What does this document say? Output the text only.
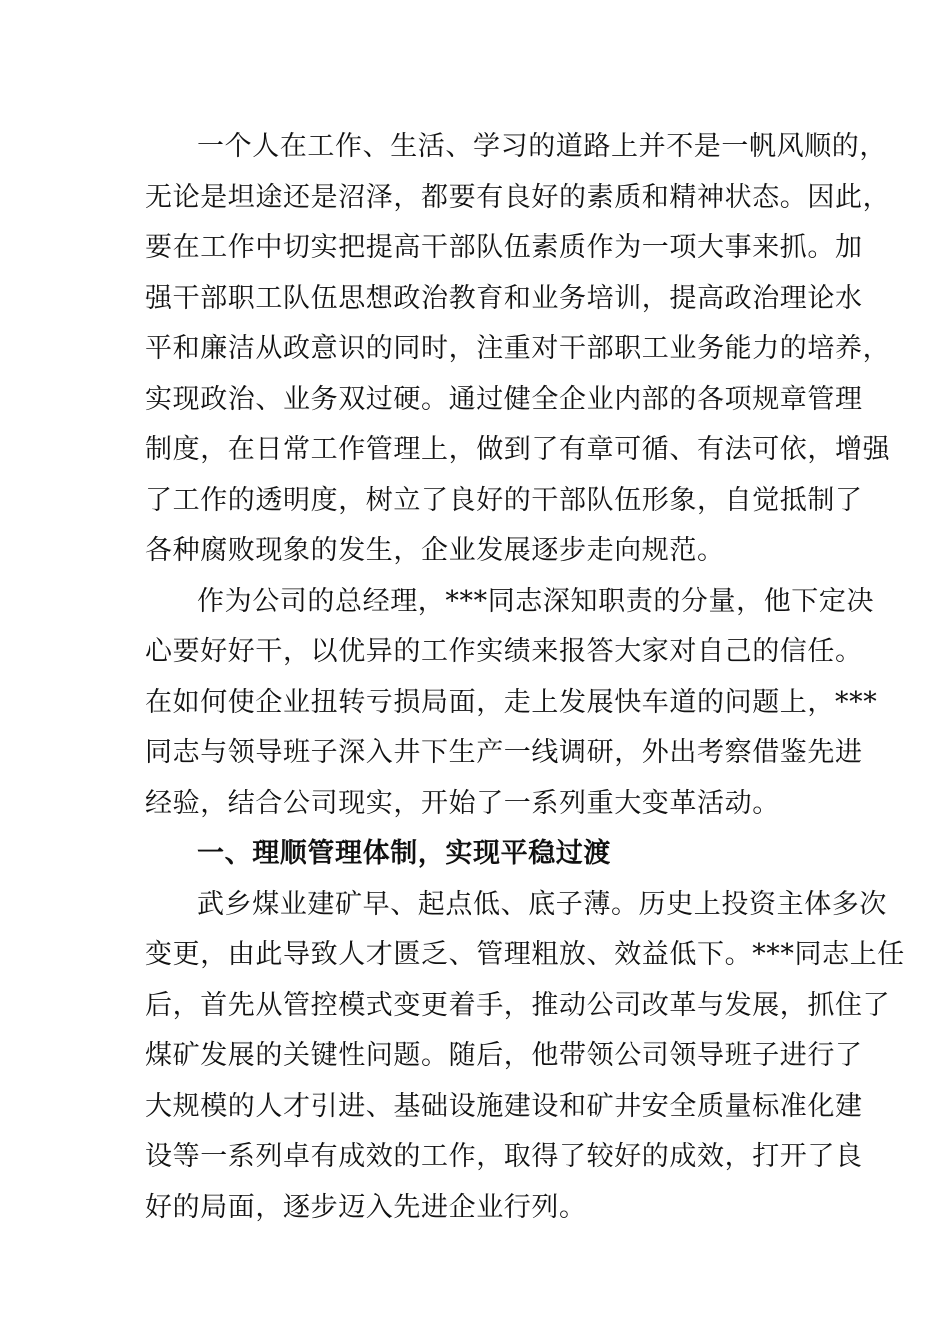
一个人在工作、生活、学习的道路上并不是一帆风顺的，
无论是坦途还是沼泽，都要有良好的素质和精神状态。因此，
要在工作中切实把提高干部队伍素质作为一项大事来抓。加
强干部职工队伍思想政治教育和业务培训，提高政治理论水
平和廉洁从政意识的同时，注重对干部职工业务能力的培养，
实现政治、业务双过硬。通过健全企业内部的各项规章管理
制度，在日常工作管理上，做到了有章可循、有法可依，增强
了工作的透明度，树立了良好的干部队伍形象，自觉抵制了
各种腐败现象的发生，企业发展逐步走向规范。
作为公司的总经理，***同志深知职责的分量，他下定决
心要好好干，以优异的工作实绩来报答大家对自己的信任。
在如何使企业扭转亏损局面，走上发展快车道的问题上，***
同志与领导班子深入井下生产一线调研，外出考察借鉴先进
经验，结合公司现实，开始了一系列重大变革活动。
一、理顺管理体制，实现平稳过渡
武乡煤业建矿早、起点低、底子薄。历史上投资主体多次
变更，由此导致人才匮乏、管理粗放、效益低下。***同志上任
后，首先从管控模式变更着手，推动公司改革与发展，抓住了
煤矿发展的关键性问题。随后，他带领公司领导班子进行了
大规模的人才引进、基础设施建设和矿井安全质量标准化建
设等一系列卓有成效的工作，取得了较好的成效，打开了良
好的局面，逐步迈入先进企业行列。
